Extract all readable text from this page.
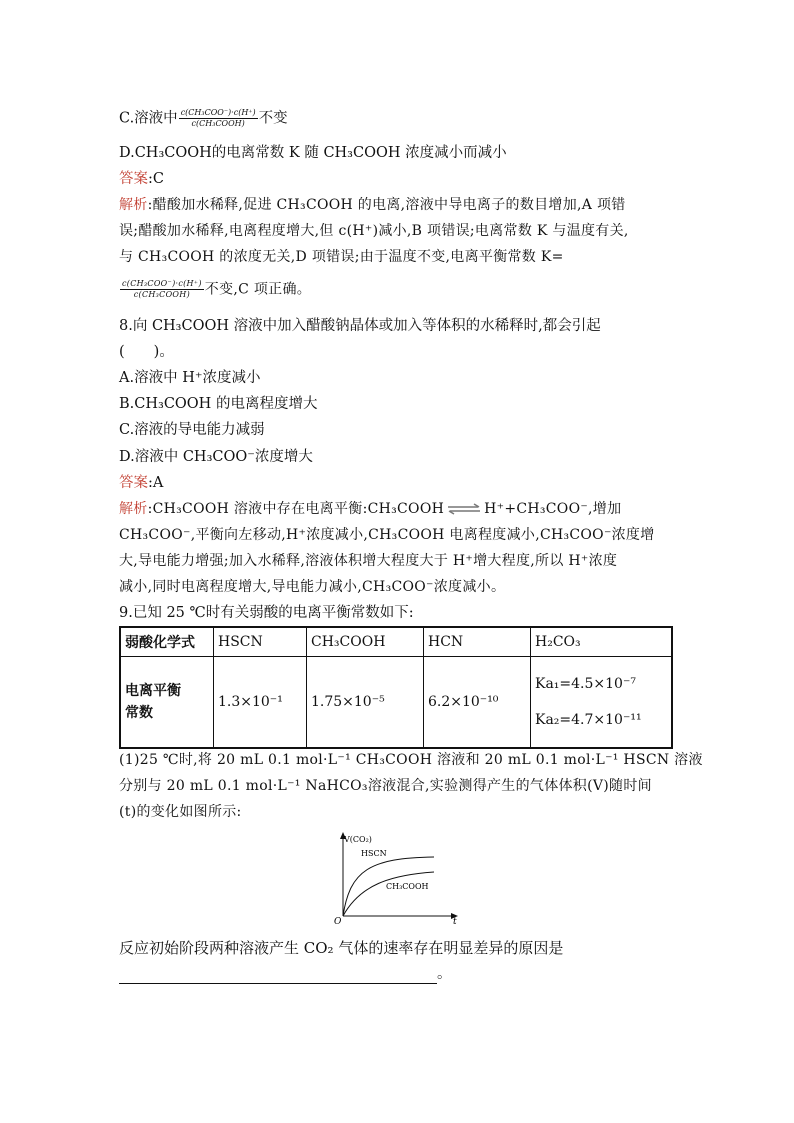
C.溶液中 $\frac{\text{c(CH₃COO⁻)·c(H⁺)}}{\text{c(CH₃COOH)}}$ 不变
D.CH₃COOH的电离常数 K 随 CH₃COOH 浓度减小而减小
答案:C
解析:醋酸加水稀释,促进 CH₃COOH 的电离,溶液中导电离子的数目增加,A 项错
误;醋酸加水稀释,电离程度增大,但 c(H⁺)减小,B 项错误;电离常数 K 与温度有关,
与 CH₃COOH 的浓度无关,D 项错误;由于温度不变,电离平衡常数 K=
$\frac{\text{c(CH₃COO⁻)·c(H⁺)}}{\text{c(CH₃COOH)}}$ 不变,C 项正确。
8.向 CH₃COOH 溶液中加入醋酸钠晶体或加入等体积的水稀释时,都会引起
(　　)。
A.溶液中 H⁺浓度减小
B.CH₃COOH 的电离程度增大
C.溶液的导电能力减弱
D.溶液中 CH₃COO⁻浓度增大
答案:A
解析:CH₃COOH 溶液中存在电离平衡:CH₃COOH ⇌ H⁺+CH₃COO⁻,增加
CH₃COO⁻,平衡向左移动,H⁺浓度减小,CH₃COOH 电离程度减小,CH₃COO⁻浓度增
大,导电能力增强;加入水稀释,溶液体积增大程度大于 H⁺增大程度,所以 H⁺浓度
减小,同时电离程度增大,导电能力减小,CH₃COO⁻浓度减小。
9.已知 25 ℃时有关弱酸的电离平衡常数如下:
弱酸化学式	HSCN	CH₃COOH	HCN	H₂CO₃

电离平衡
常数	1.3×10⁻¹	1.75×10⁻⁵	6.2×10⁻¹⁰	Ka₁=4.5×10⁻⁷
Ka₂=4.7×10⁻¹¹
(1)25 ℃时,将 20 mL 0.1 mol·L⁻¹ CH₃COOH 溶液和 20 mL 0.1 mol·L⁻¹ HSCN 溶液
分别与 20 mL 0.1 mol·L⁻¹ NaHCO₃溶液混合,实验测得产生的气体体积(V)随时间
(t)的变化如图所示:
V(CO₂)
HSCN
CH₃COOH
O	t
反应初始阶段两种溶液产生 CO₂ 气体的速率存在明显差异的原因是
。
